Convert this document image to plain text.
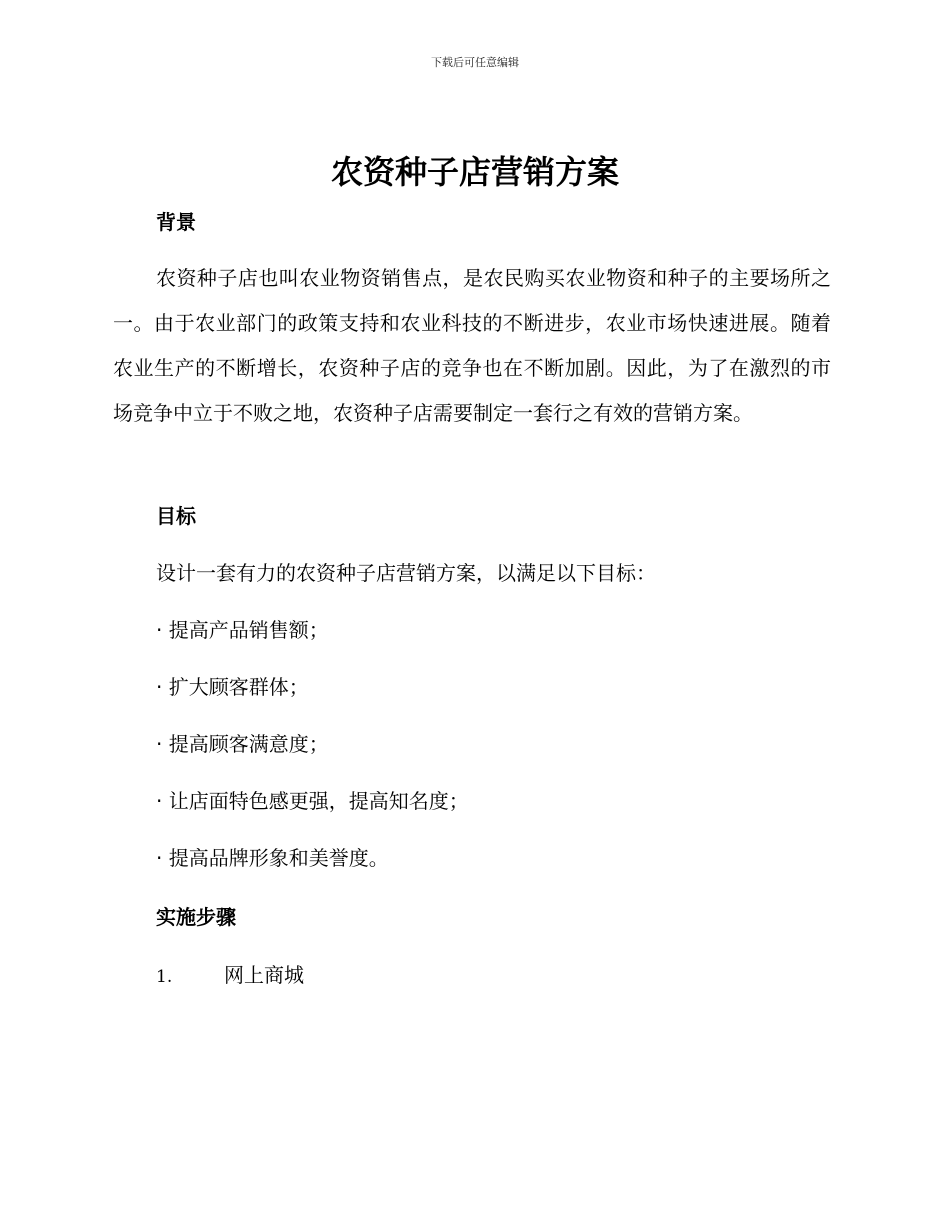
下载后可任意编辑
农资种子店营销方案
背景
农资种子店也叫农业物资销售点，是农民购买农业物资和种子的主要场所之一。由于农业部门的政策支持和农业科技的不断进步，农业市场快速进展。随着农业生产的不断增长，农资种子店的竞争也在不断加剧。因此，为了在激烈的市场竞争中立于不败之地，农资种子店需要制定一套行之有效的营销方案。
目标
设计一套有力的农资种子店营销方案，以满足以下目标：
· 提高产品销售额；
· 扩大顾客群体；
· 提高顾客满意度；
· 让店面特色感更强，提高知名度；
· 提高品牌形象和美誉度。
实施步骤
1.	网上商城
